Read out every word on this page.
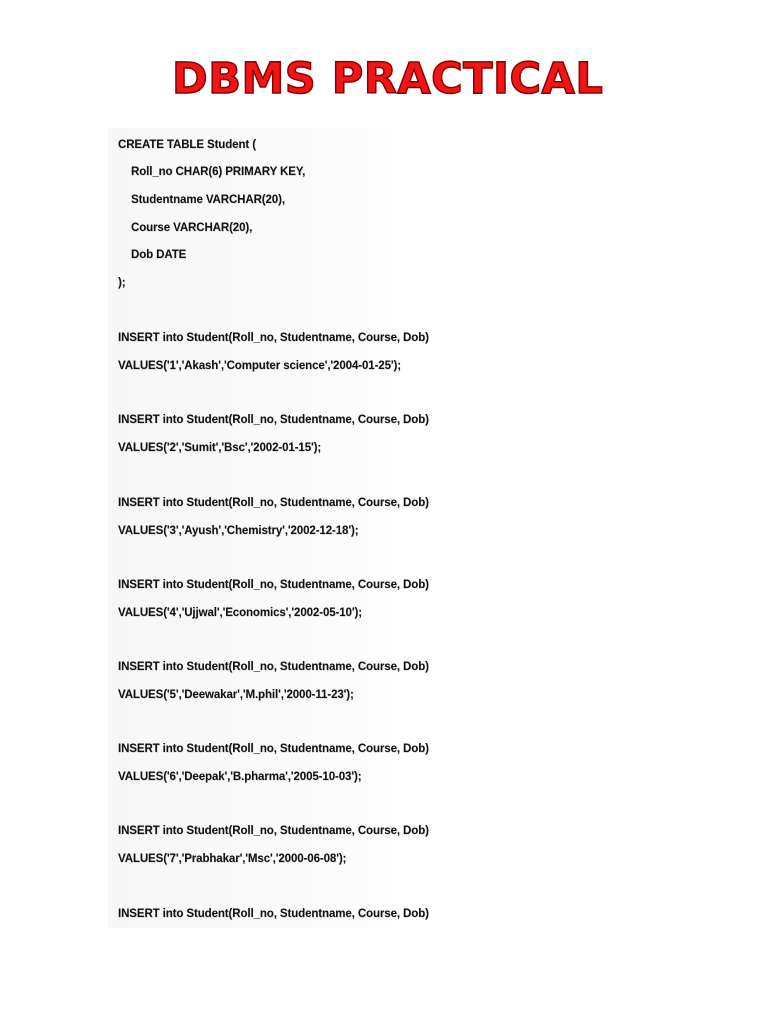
DBMS PRACTICAL
CREATE TABLE Student (
Roll_no CHAR(6) PRIMARY KEY,
Studentname VARCHAR(20),
Course VARCHAR(20),
Dob DATE
);
INSERT into Student(Roll_no, Studentname, Course, Dob)
VALUES('1','Akash','Computer science','2004-01-25');
INSERT into Student(Roll_no, Studentname, Course, Dob)
VALUES('2','Sumit','Bsc','2002-01-15');
INSERT into Student(Roll_no, Studentname, Course, Dob)
VALUES('3','Ayush','Chemistry','2002-12-18');
INSERT into Student(Roll_no, Studentname, Course, Dob)
VALUES('4','Ujjwal','Economics','2002-05-10');
INSERT into Student(Roll_no, Studentname, Course, Dob)
VALUES('5','Deewakar','M.phil','2000-11-23');
INSERT into Student(Roll_no, Studentname, Course, Dob)
VALUES('6','Deepak','B.pharma','2005-10-03');
INSERT into Student(Roll_no, Studentname, Course, Dob)
VALUES('7','Prabhakar','Msc','2000-06-08');
INSERT into Student(Roll_no, Studentname, Course, Dob)
